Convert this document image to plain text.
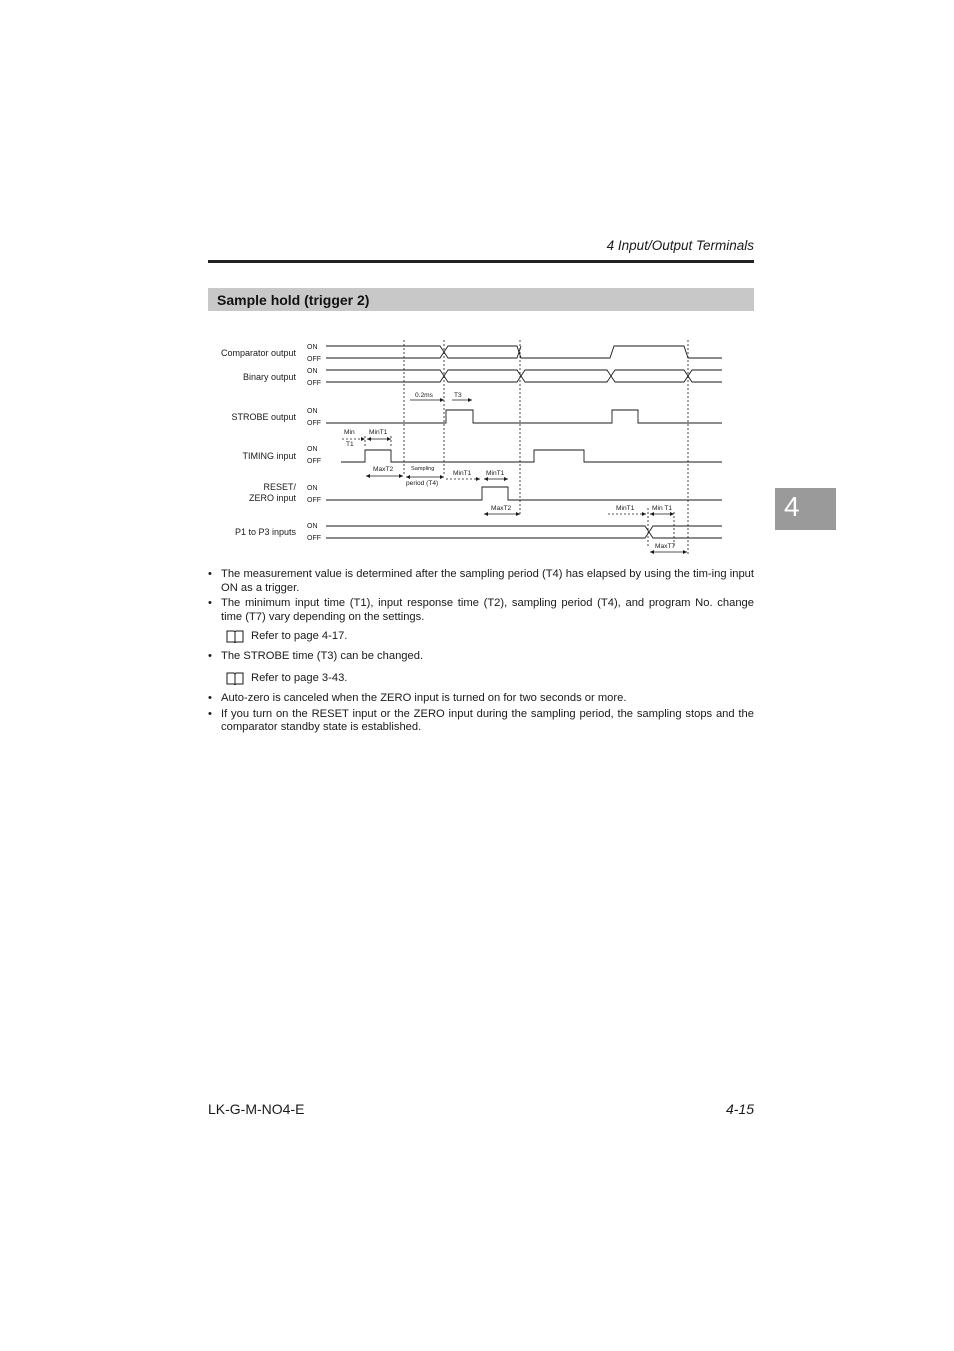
4 Input/Output Terminals
Sample hold (trigger 2)
4
Comparator output
Binary output
STROBE output
TIMING input
RESET/
ZERO input
P1 to P3 inputs
ON
OFF
ON
OFF
ON
OFF
ON
OFF
ON
OFF
ON
OFF
0.2ms	T3
Min
T1
MinT1
MaxT2	Sampling
period (T4)
MinT1 MinT1
MaxT2	MinT1	Min T1
MaxT7
• The measurement value is determined after the sampling period (T4) has elapsed by using the tim-ing input ON as a trigger.
• The minimum input time (T1), input response time (T2), sampling period (T4), and program No. change time (T7) vary depending on the settings.
Refer to page 4-17.
• The STROBE time (T3) can be changed.
Refer to page 3-43.
• Auto-zero is canceled when the ZERO input is turned on for two seconds or more.
• If you turn on the RESET input or the ZERO input during the sampling period, the sampling stops and the comparator standby state is established.
LK-G-M-NO4-E	4-15
